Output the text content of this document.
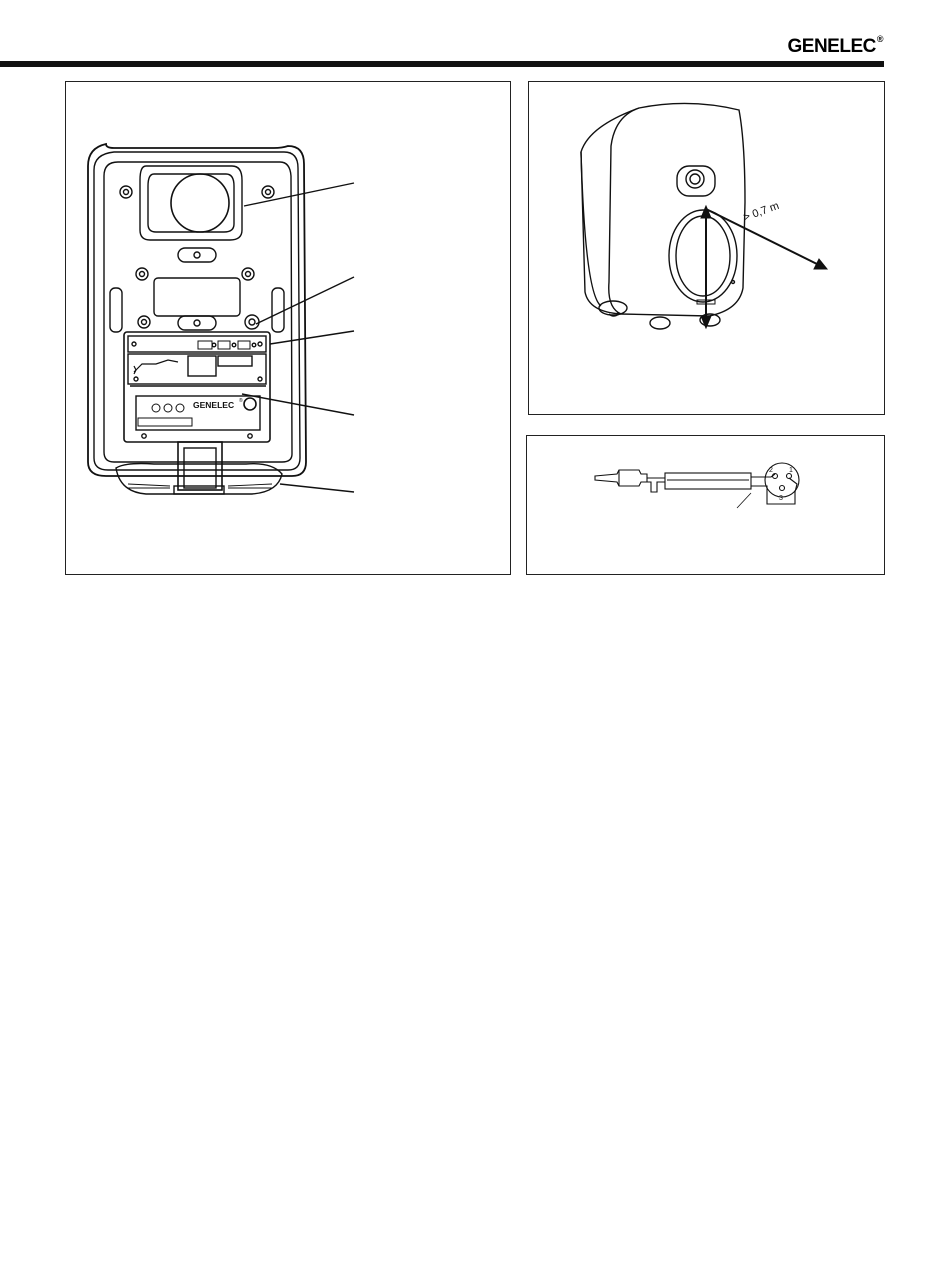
GENELEC®
GENELEC ®
> 0,7 m
2 1
3
